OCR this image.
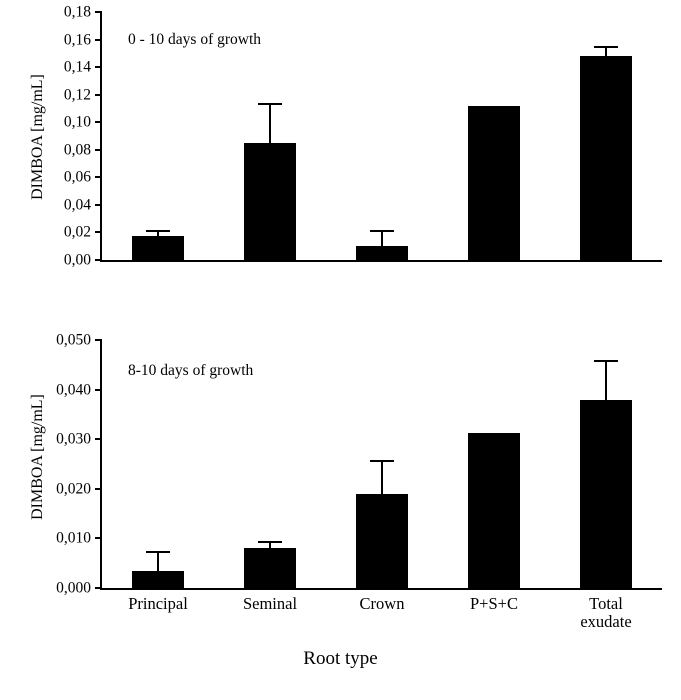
DIMBOA [mg/mL]
0,18
0,16
0,14
0,12
0,10
0,08
0,06
0,04
0,02
0,00
0 - 10 days of growth
DIMBOA [mg/mL]
0,050
0,040
0,030
0,020
0,010
0,000
8-10 days of growth
Principal	Seminal	Crown	P+S+C	Total
exudate
Root type
